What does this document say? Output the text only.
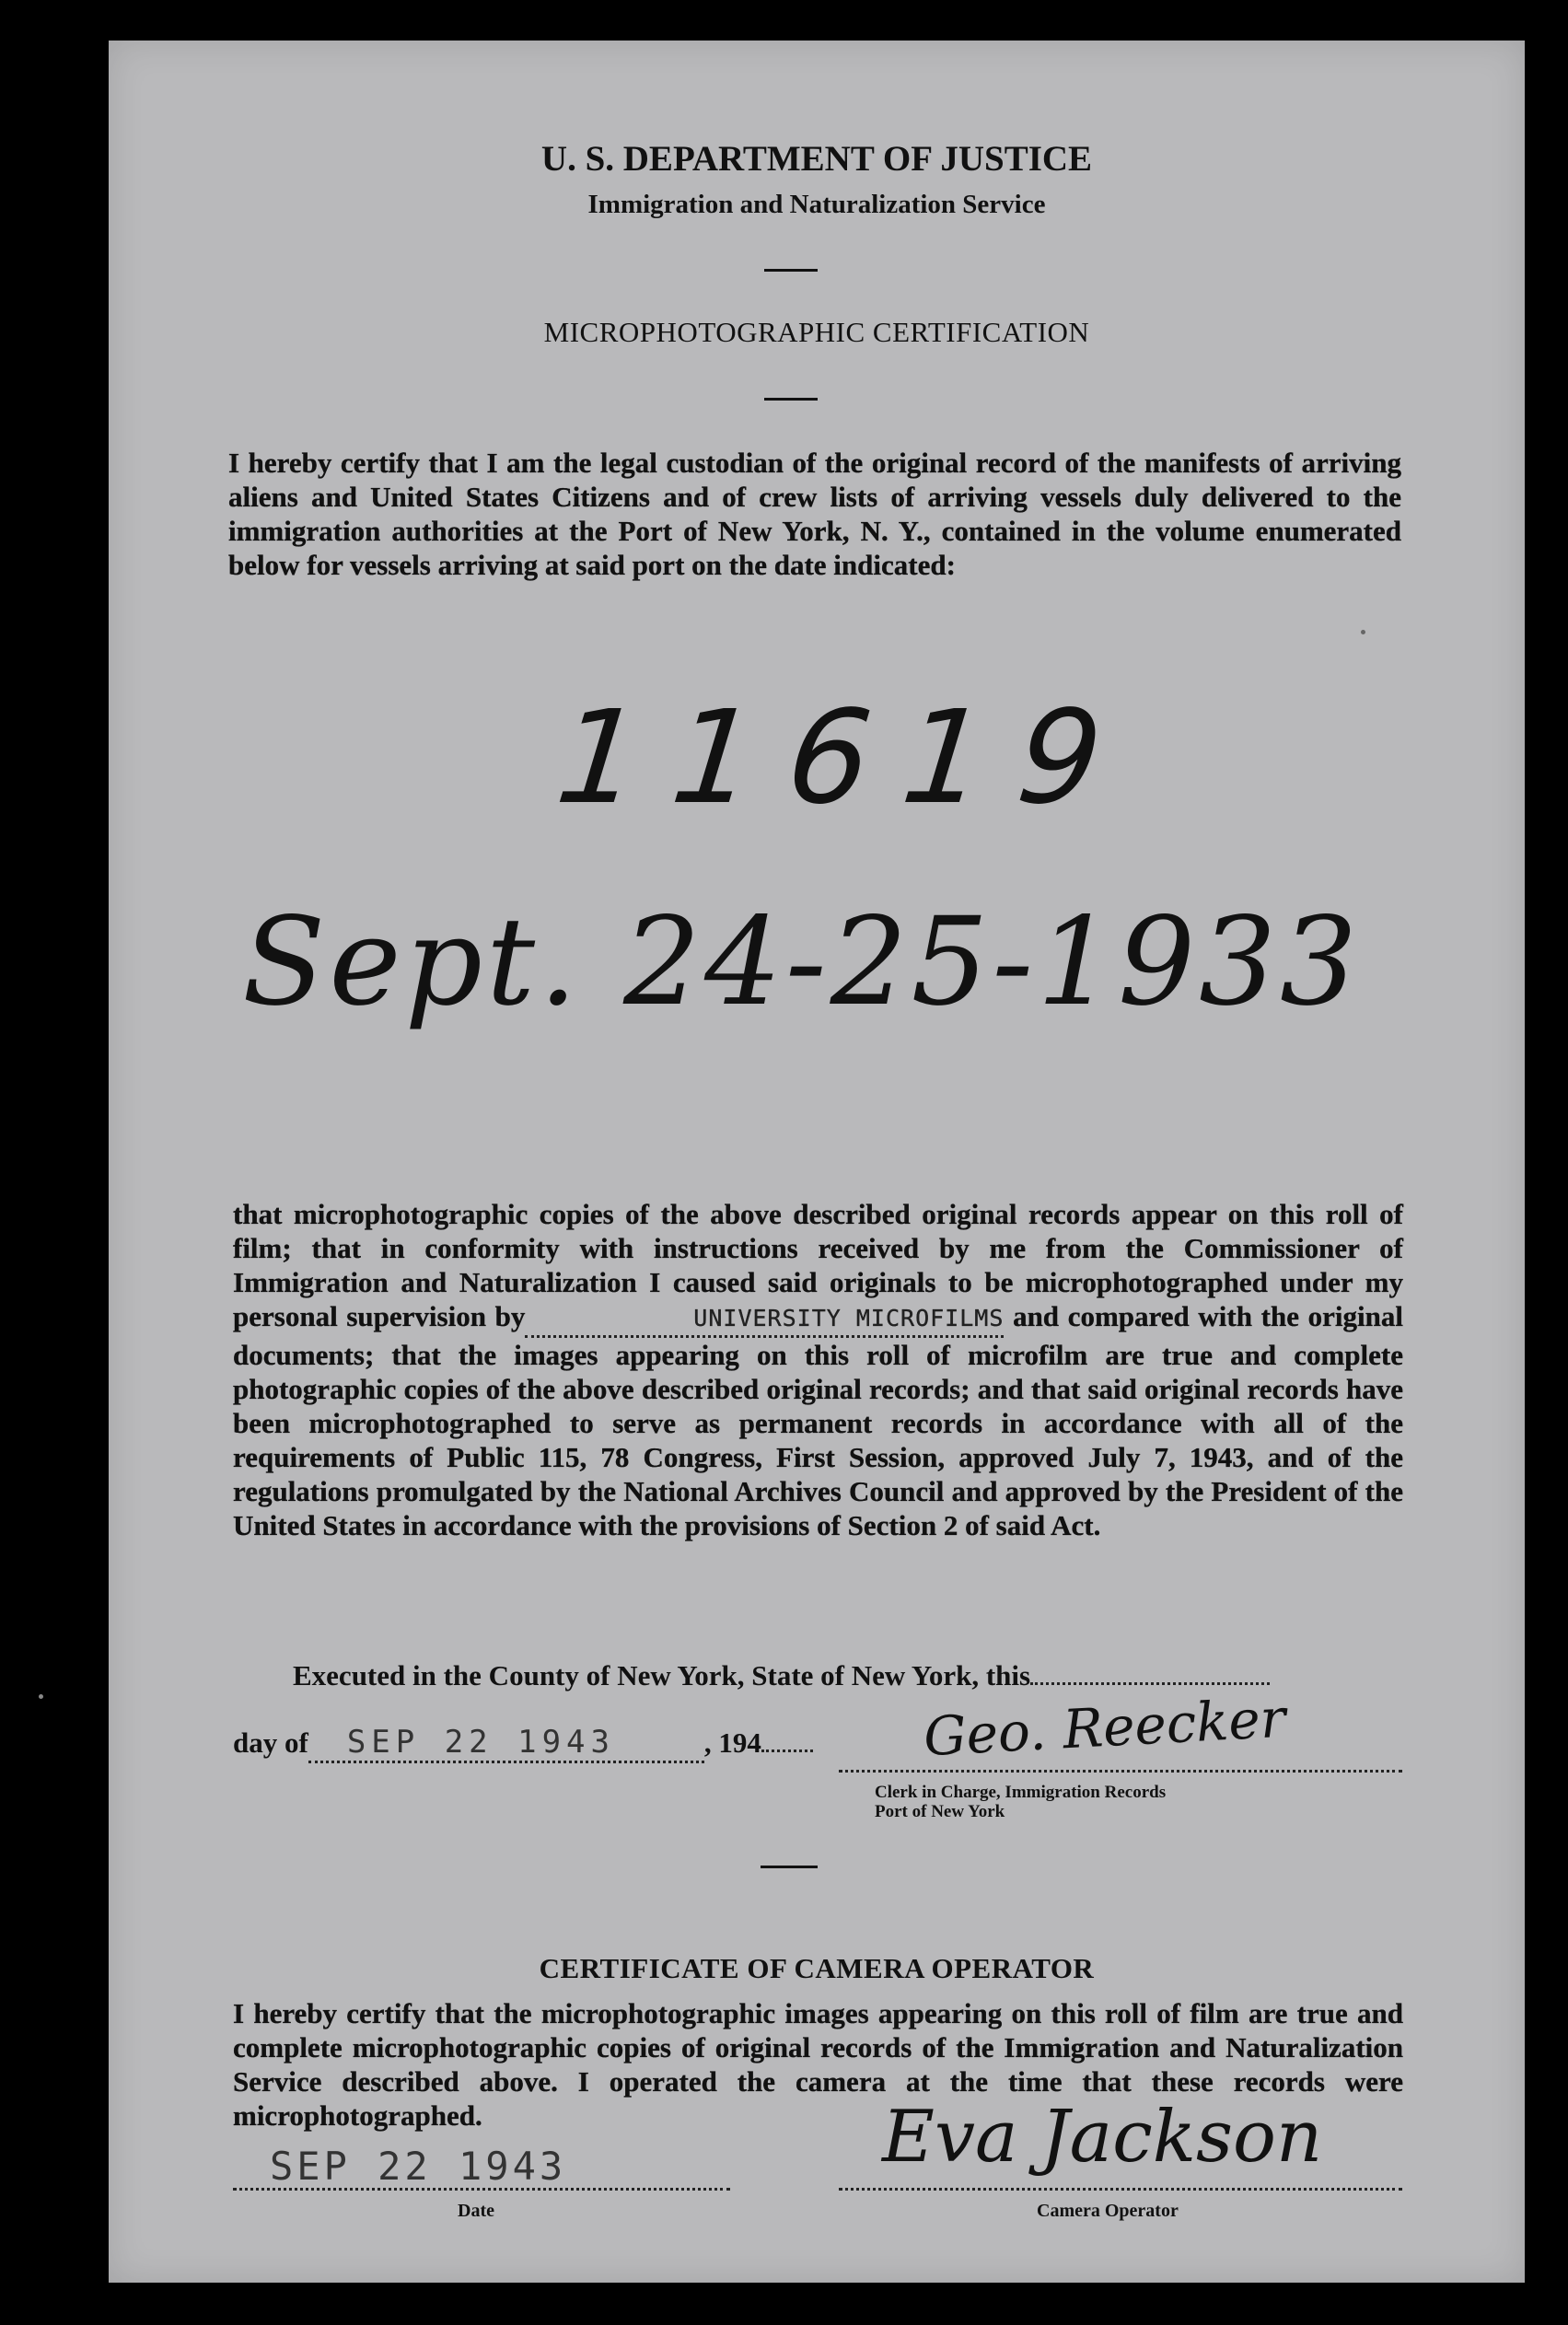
U. S. DEPARTMENT OF JUSTICE
Immigration and Naturalization Service
MICROPHOTOGRAPHIC CERTIFICATION
I hereby certify that I am the legal custodian of the original record of the manifests of arriving aliens and United States Citizens and of crew lists of arriving vessels duly delivered to the immigration authorities at the Port of New York, N. Y., contained in the volume enumerated below for vessels arriving at said port on the date indicated:
11619
Sept. 24-25-1933
that microphotographic copies of the above described original records appear on this roll of film; that in conformity with instructions received by me from the Commissioner of Immigration and Naturalization I caused said originals to be microphotographed under my personal supervision by	UNIVERSITY MICROFILMS and compared with the original documents; that the images appearing on this roll of microfilm are true and complete photographic copies of the above described original records; and that said original records have been microphotographed to serve as permanent records in accordance with all of the requirements of Public 115, 78 Congress, First Session, approved July 7, 1943, and of the regulations promulgated by the National Archives Council and approved by the President of the United States in accordance with the provisions of Section 2 of said Act.
Executed in the County of New York, State of New York, this
day of SEP 22 1943	, 194	Geo. Reecker
Clerk in Charge, Immigration Records
Port of New York
CERTIFICATE OF CAMERA OPERATOR
I hereby certify that the microphotographic images appearing on this roll of film are true and complete microphotographic copies of original records of the Immigration and Naturalization Service described above. I operated the camera at the time that these records were microphotographed.
SEP 22 1943
Date
Eva Jackson
Camera Operator
